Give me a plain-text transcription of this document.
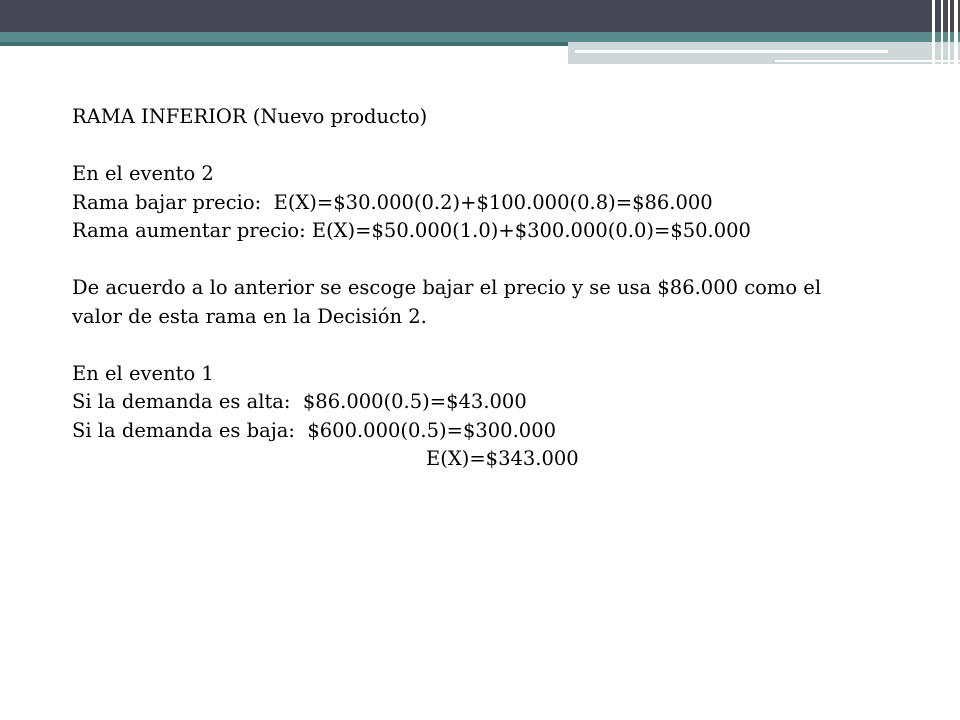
RAMA INFERIOR (Nuevo producto)
En el evento 2
Rama bajar precio:  E(X)=$30.000(0.2)+$100.000(0.8)=$86.000
Rama aumentar precio: E(X)=$50.000(1.0)+$300.000(0.0)=$50.000
De acuerdo a lo anterior se escoge bajar el precio y se usa $86.000 como el valor de esta rama en la Decisión 2.
En el evento 1
Si la demanda es alta:  $86.000(0.5)=$43.000
Si la demanda es baja:  $600.000(0.5)=$300.000
E(X)=$343.000
